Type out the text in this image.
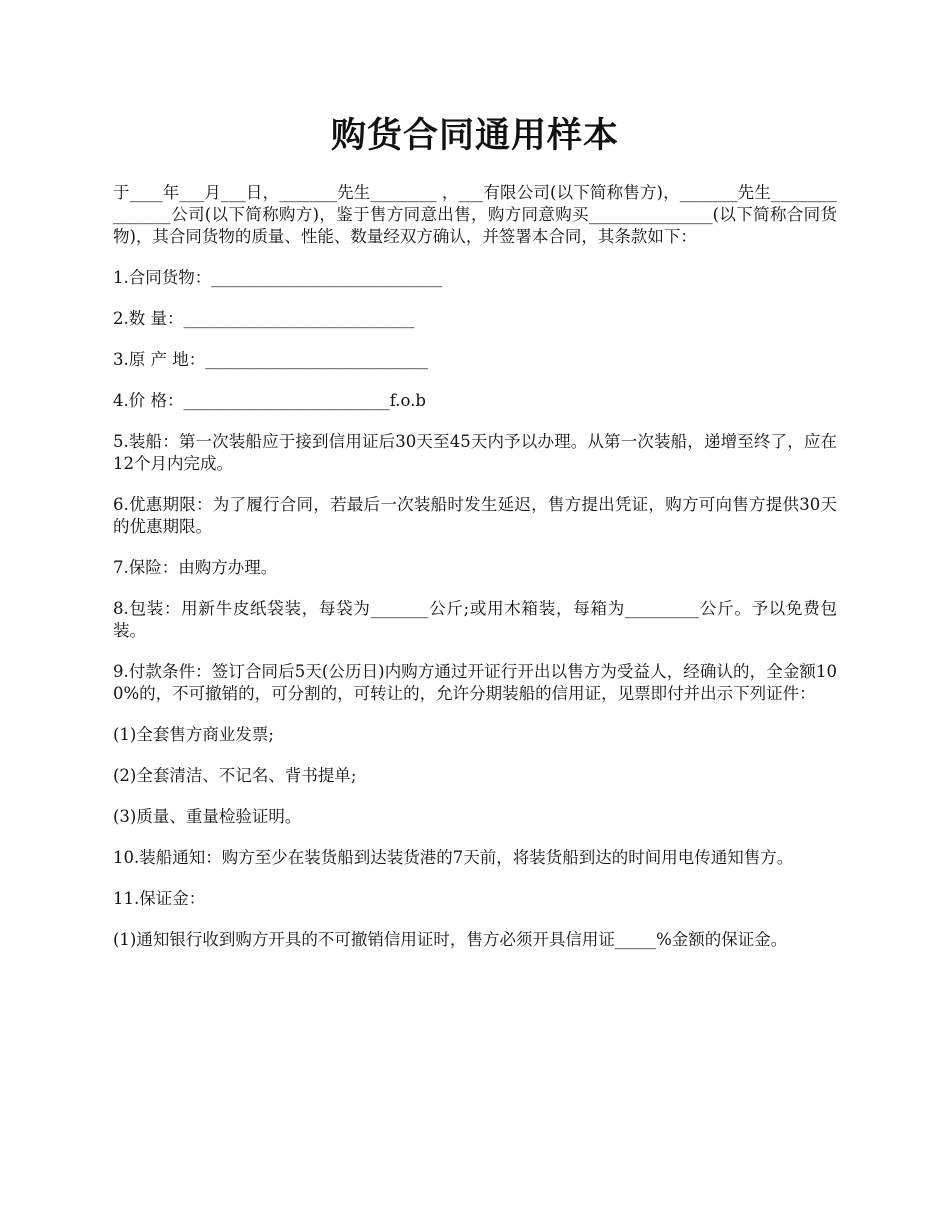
购货合同通用样本

于____年___月___日，_______先生________ ，___有限公司(以下简称售方)，_______先生_______________公司(以下简称购方)，鉴于售方同意出售，购方同意购买_______________(以下简称合同货物)，其合同货物的质量、性能、数量经双方确认，并签署本合同，其条款如下：

1.合同货物：____________________________

2.数 量：____________________________

3.原 产 地：___________________________

4.价 格：_________________________f.o.b

5.装船：第一次装船应于接到信用证后30天至45天内予以办理。从第一次装船，递增至终了，应在12个月内完成。

6.优惠期限：为了履行合同，若最后一次装船时发生延迟，售方提出凭证，购方可向售方提供30天的优惠期限。

7.保险：由购方办理。

8.包装：用新牛皮纸袋装，每袋为_______公斤;或用木箱装，每箱为_________公斤。予以免费包装。

9.付款条件：签订合同后5天(公历日)内购方通过开证行开出以售方为受益人，经确认的，全金额100%的，不可撤销的，可分割的，可转让的，允许分期装船的信用证，见票即付并出示下列证件：

(1)全套售方商业发票;

(2)全套清洁、不记名、背书提单;

(3)质量、重量检验证明。

10.装船通知：购方至少在装货船到达装货港的7天前，将装货船到达的时间用电传通知售方。

11.保证金：

(1)通知银行收到购方开具的不可撤销信用证时，售方必须开具信用证_____%金额的保证金。
